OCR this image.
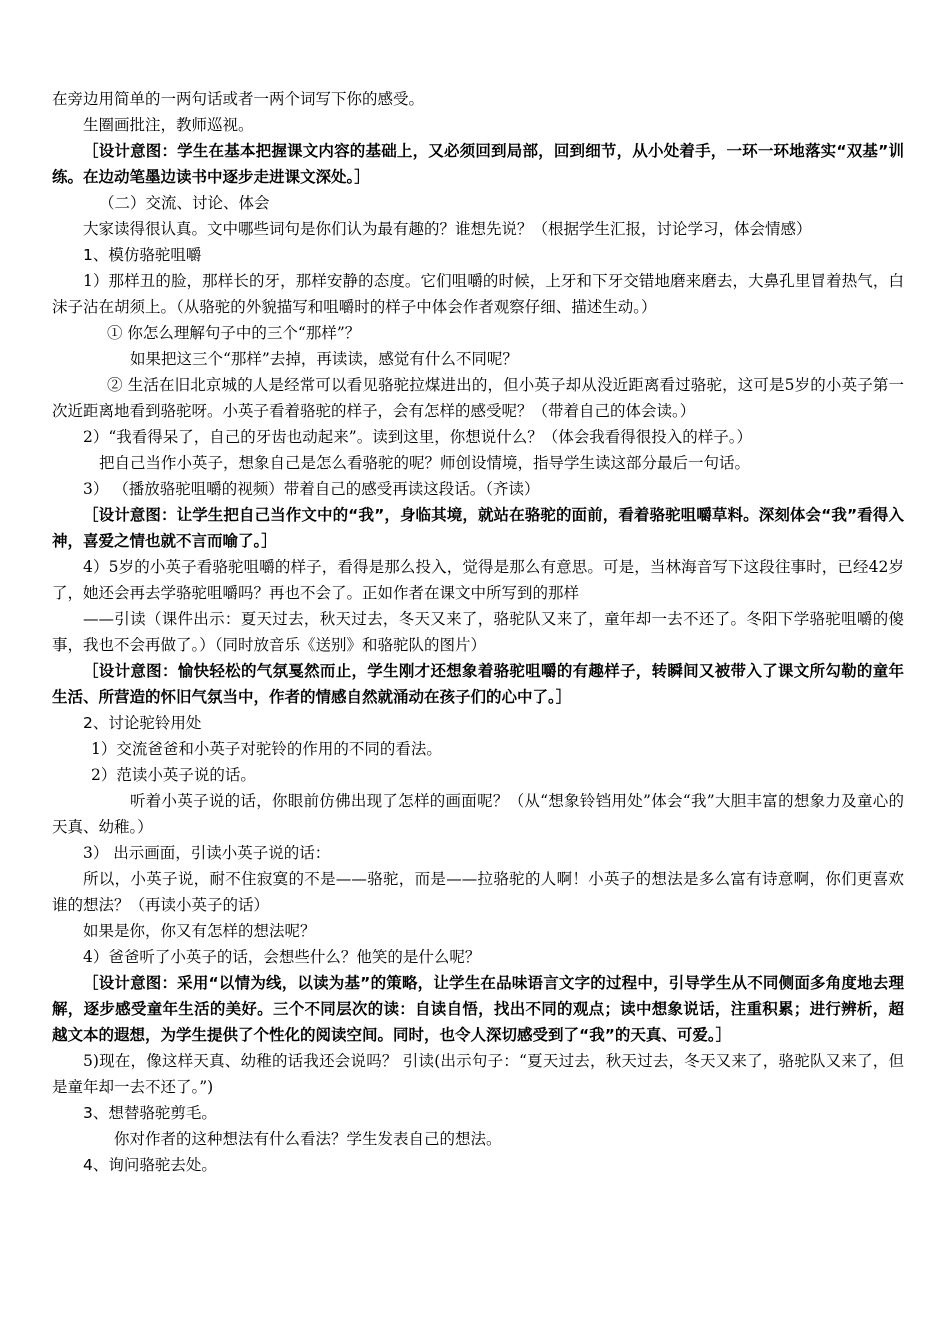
在旁边用简单的一两句话或者一两个词写下你的感受。

生圈画批注，教师巡视。

［设计意图：学生在基本把握课文内容的基础上，又必须回到局部，回到细节，从小处着手，一环一环地落实“双基”训练。在边动笔墨边读书中逐步走进课文深处。］

（二）交流、讨论、体会

大家读得很认真。文中哪些词句是你们认为最有趣的？谁想先说？（根据学生汇报，讨论学习，体会情感）

1、模仿骆驼咀嚼

1）那样丑的脸，那样长的牙，那样安静的态度。它们咀嚼的时候，上牙和下牙交错地磨来磨去，大鼻孔里冒着热气，白沫子沾在胡须上。（从骆驼的外貌描写和咀嚼时的样子中体会作者观察仔细、描述生动。）

① 你怎么理解句子中的三个“那样”？

如果把这三个“那样”去掉，再读读，感觉有什么不同呢？

② 生活在旧北京城的人是经常可以看见骆驼拉煤进出的，但小英子却从没近距离看过骆驼，这可是5岁的小英子第一次近距离地看到骆驼呀。小英子看着骆驼的样子，会有怎样的感受呢？（带着自己的体会读。）

2）“我看得呆了，自己的牙齿也动起来”。读到这里，你想说什么？（体会我看得很投入的样子。）

把自己当作小英子，想象自己是怎么看骆驼的呢？师创设情境，指导学生读这部分最后一句话。

3） （播放骆驼咀嚼的视频）带着自己的感受再读这段话。（齐读）

［设计意图：让学生把自己当作文中的“我”，身临其境，就站在骆驼的面前，看着骆驼咀嚼草料。深刻体会“我”看得入神，喜爱之情也就不言而喻了。］

4）5岁的小英子看骆驼咀嚼的样子，看得是那么投入，觉得是那么有意思。可是，当林海音写下这段往事时，已经42岁了，她还会再去学骆驼咀嚼吗？再也不会了。正如作者在课文中所写到的那样

——引读（课件出示：夏天过去，秋天过去，冬天又来了，骆驼队又来了，童年却一去不还了。冬阳下学骆驼咀嚼的傻事，我也不会再做了。）（同时放音乐《送别》和骆驼队的图片）

［设计意图：愉快轻松的气氛戛然而止，学生刚才还想象着骆驼咀嚼的有趣样子，转瞬间又被带入了课文所勾勒的童年生活、所营造的怀旧气氛当中，作者的情感自然就涌动在孩子们的心中了。］

2、讨论驼铃用处

1）交流爸爸和小英子对驼铃的作用的不同的看法。

2）范读小英子说的话。

听着小英子说的话，你眼前仿佛出现了怎样的画面呢？（从“想象铃铛用处”体会“我”大胆丰富的想象力及童心的天真、幼稚。）

3） 出示画面，引读小英子说的话：

所以，小英子说，耐不住寂寞的不是——骆驼，而是——拉骆驼的人啊！小英子的想法是多么富有诗意啊，你们更喜欢谁的想法？（再读小英子的话）

如果是你，你又有怎样的想法呢？

4）爸爸听了小英子的话，会想些什么？他笑的是什么呢？

［设计意图：采用“以情为线，以读为基”的策略，让学生在品味语言文字的过程中，引导学生从不同侧面多角度地去理解，逐步感受童年生活的美好。三个不同层次的读：自读自悟，找出不同的观点；读中想象说话，注重积累；进行辨析，超越文本的遐想，为学生提供了个性化的阅读空间。同时，也令人深切感受到了“我”的天真、可爱。］

5)现在，像这样天真、幼稚的话我还会说吗？ 引读(出示句子：“夏天过去，秋天过去，冬天又来了，骆驼队又来了，但是童年却一去不还了。”)

3、想替骆驼剪毛。

你对作者的这种想法有什么看法？学生发表自己的想法。

4、询问骆驼去处。
